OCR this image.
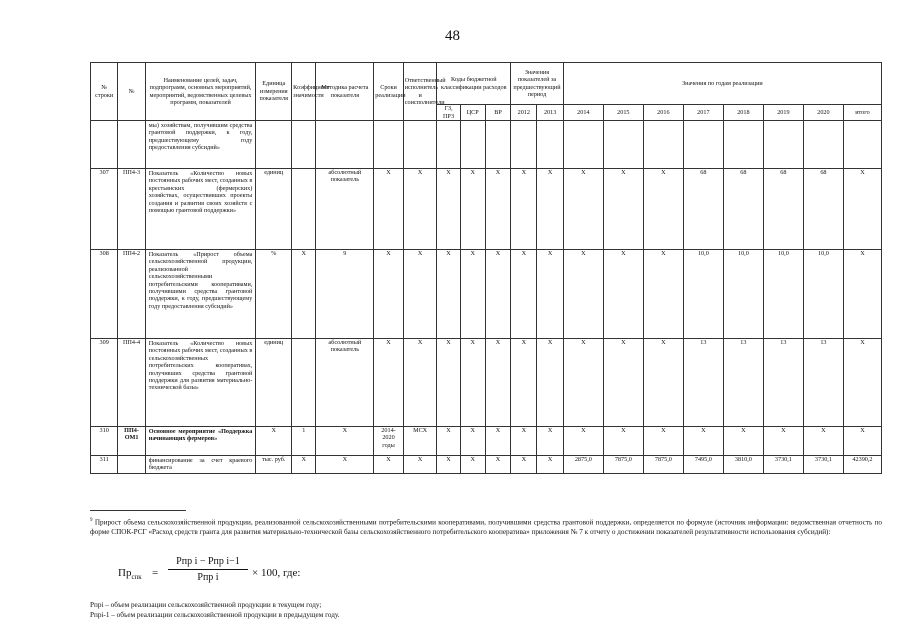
48
№ строки	№	Наименование целей, задач, подпрограмм, основных мероприятий, мероприятий, ведомственных целевых программ, показателей	Единица измерения показателя	Коэффициент значимости	Методика расчета показателя	Сроки реализации	Ответственный исполнитель и соисполнители	Коды бюджетной классификации расходов			Значения показателей за предшествующий период		Значения по годам реализации							
								ГЗ, ПРЗ	ЦСР	ВР	2012	2013	2014	2015	2016	2017	2018	2019	2020	итого
		мы) хозяйствам, получившим средства грантовой поддержки, к году, предшествующему году предоставления субсидий»																		
307	ПП4-3	Показатель «Количество новых постоянных рабочих мест, созданных в крестьянских (фермерских) хозяйствах, осуществивших проекты создания и развития своих хозяйств с помощью грантовой поддержки»	единиц		абсолютный показатель	X	X	X	X	X	X	X	X	X	X	68	68	68	68	X
308	ПП4-2	Показатель «Прирост объема сельскохозяйственной продукции, реализованной сельскохозяйственными потребительскими кооперативами, получившими средства грантовой поддержки, к году, предшествующему году предоставления субсидий»	%	X	9	X	X	X	X	X	X	X	X	X	X	10,0	10,0	10,0	10,0	X
309	ПП4-4	Показатель «Количество новых постоянных рабочих мест, созданных в сельскохозяйственных потребительских кооперативах, получивших средства грантовой поддержки для развития материально-технической базы»	единиц		абсолютный показатель	X	X	X	X	X	X	X	X	X	X	13	13	13	13	X
310	ПП4-ОМ1	Основное мероприятие «Поддержка начинающих фермеров»	X	1	X	2014-2020 годы	МСХ	X	X	X	X	X	X	X	X	X	X	X	X	X
311		финансирование за счет краевого бюджета	тыс. руб.	X	X	X	X	X	X	X	X	X	2875,0	7875,0	7875,0	7495,0	3810,0	3730,1	3730,1	42390,2
$^9$ Прирост объема сельскохозяйственной продукции, реализованной сельскохозяйственными потребительскими кооперативами, получившими средства грантовой поддержки, определяется по формуле (источник информации: ведомственная отчетность по форме СПОК-РСГ «Расход средств гранта для развития материально-технической базы сельскохозяйственного потребительского кооператива» приложения № 7 к отчету о достижении показателей результативности использования субсидий):
$Пр_{спк}$ =
Рпр i − Рпр i−1
Рпр i	× 100, где:
Рпрi – объем реализации сельскохозяйственной продукции в текущем году;
Рпрi-1 – объем реализации сельскохозяйственной продукции в предыдущем году.
